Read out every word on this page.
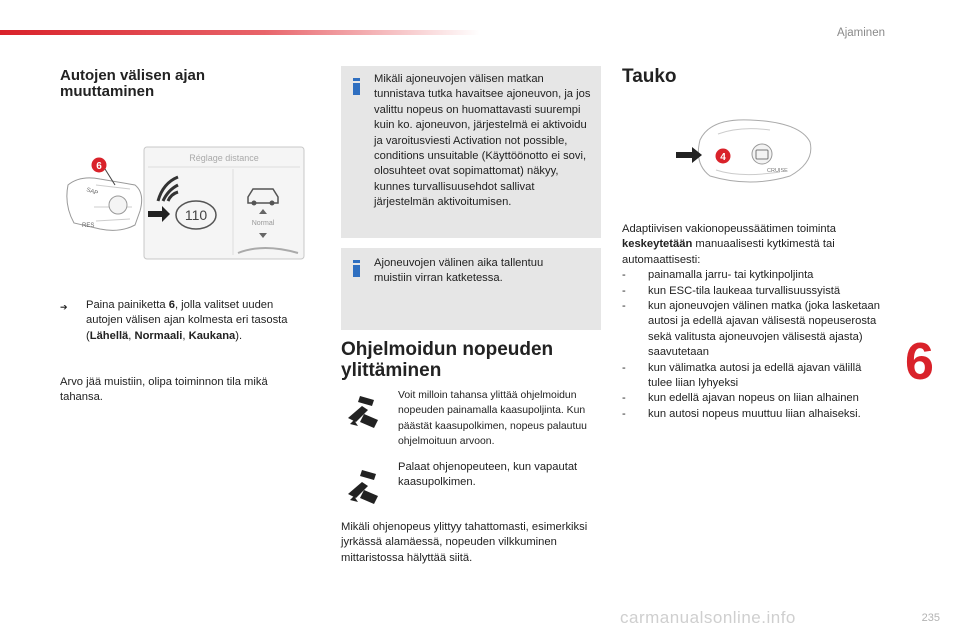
Ajaminen
Autojen välisen ajan muuttaminen
SAP
RES
6
Réglage distance
110
Normal
➔	Paina painiketta 6, jolla valitset uuden autojen välisen ajan kolmesta eri tasosta (Lähellä, Normaali, Kaukana).
Arvo jää muistiin, olipa toiminnon tila mikä tahansa.
Mikäli ajoneuvojen välisen matkan tunnistava tutka havaitsee ajoneuvon, ja jos valittu nopeus on huomattavasti suurempi kuin ko. ajoneuvon, järjestelmä ei aktivoidu ja varoitusviesti Activation not possible, conditions unsuitable (Käyttöönotto ei sovi, olosuhteet ovat sopimattomat) näkyy, kunnes turvallisuusehdot sallivat järjestelmän aktivoitumisen.
Ajoneuvojen välinen aika tallentuu muistiin virran katketessa.
Ohjelmoidun nopeuden ylittäminen
Voit milloin tahansa ylittää ohjelmoidun nopeuden painamalla kaasupoljinta. Kun päästät kaasupolkimen, nopeus palautuu ohjelmoituun arvoon.
Palaat ohjenopeuteen, kun vapautat kaasupolkimen.
Mikäli ohjenopeus ylittyy tahattomasti, esimerkiksi jyrkässä alamäessä, nopeuden vilkkuminen mittaristossa hälyttää siitä.
Tauko
CRUISE
4
Adaptiivisen vakionopeussäätimen toiminta keskeytetään manuaalisesti kytkimestä tai automaattisesti:
-	painamalla jarru- tai kytkinpoljinta
-	kun ESC-tila laukeaa turvallisuussyistä
-	kun ajoneuvojen välinen matka (joka lasketaan autosi ja edellä ajavan välisestä nopeuserosta sekä valitusta ajoneuvojen välisestä ajasta) saavutetaan
-	kun välimatka autosi ja edellä ajavan välillä tulee liian lyhyeksi
-	kun edellä ajavan nopeus on liian alhainen
-	kun autosi nopeus muuttuu liian alhaiseksi.
6
carmanualsonline.info	235
